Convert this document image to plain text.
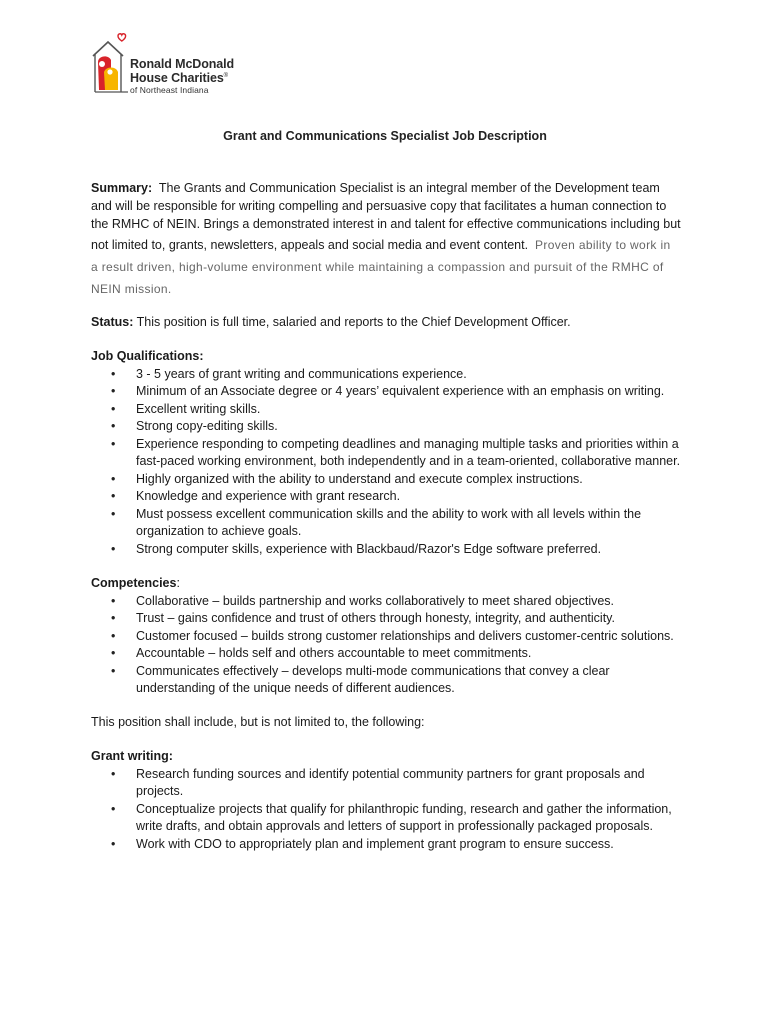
Ronald McDonald
House Charities®
of Northeast Indiana
Grant and Communications Specialist Job Description

Summary: The Grants and Communication Specialist is an integral member of the Development team and will be responsible for writing compelling and persuasive copy that facilitates a human connection to the RMHC of NEIN. Brings a demonstrated interest in and talent for effective communications including but not limited to, grants, newsletters, appeals and social media and event content. Proven ability to work in a result driven, high-volume environment while maintaining a compassion and pursuit of the RMHC of NEIN mission.

Status: This position is full time, salaried and reports to the Chief Development Officer.

Job Qualifications:
• 3 - 5 years of grant writing and communications experience.
• Minimum of an Associate degree or 4 years’ equivalent experience with an emphasis on writing.
• Excellent writing skills.
• Strong copy-editing skills.
• Experience responding to competing deadlines and managing multiple tasks and priorities within a fast-paced working environment, both independently and in a team-oriented, collaborative manner.
• Highly organized with the ability to understand and execute complex instructions.
• Knowledge and experience with grant research.
• Must possess excellent communication skills and the ability to work with all levels within the organization to achieve goals.
• Strong computer skills, experience with Blackbaud/Razor's Edge software preferred.
Competencies:
• Collaborative – builds partnership and works collaboratively to meet shared objectives.
• Trust – gains confidence and trust of others through honesty, integrity, and authenticity.
• Customer focused – builds strong customer relationships and delivers customer-centric solutions.
• Accountable – holds self and others accountable to meet commitments.
• Communicates effectively – develops multi-mode communications that convey a clear understanding of the unique needs of different audiences.

This position shall include, but is not limited to, the following:

Grant writing:
• Research funding sources and identify potential community partners for grant proposals and projects.
• Conceptualize projects that qualify for philanthropic funding, research and gather the information, write drafts, and obtain approvals and letters of support in professionally packaged proposals.
• Work with CDO to appropriately plan and implement grant program to ensure success.
